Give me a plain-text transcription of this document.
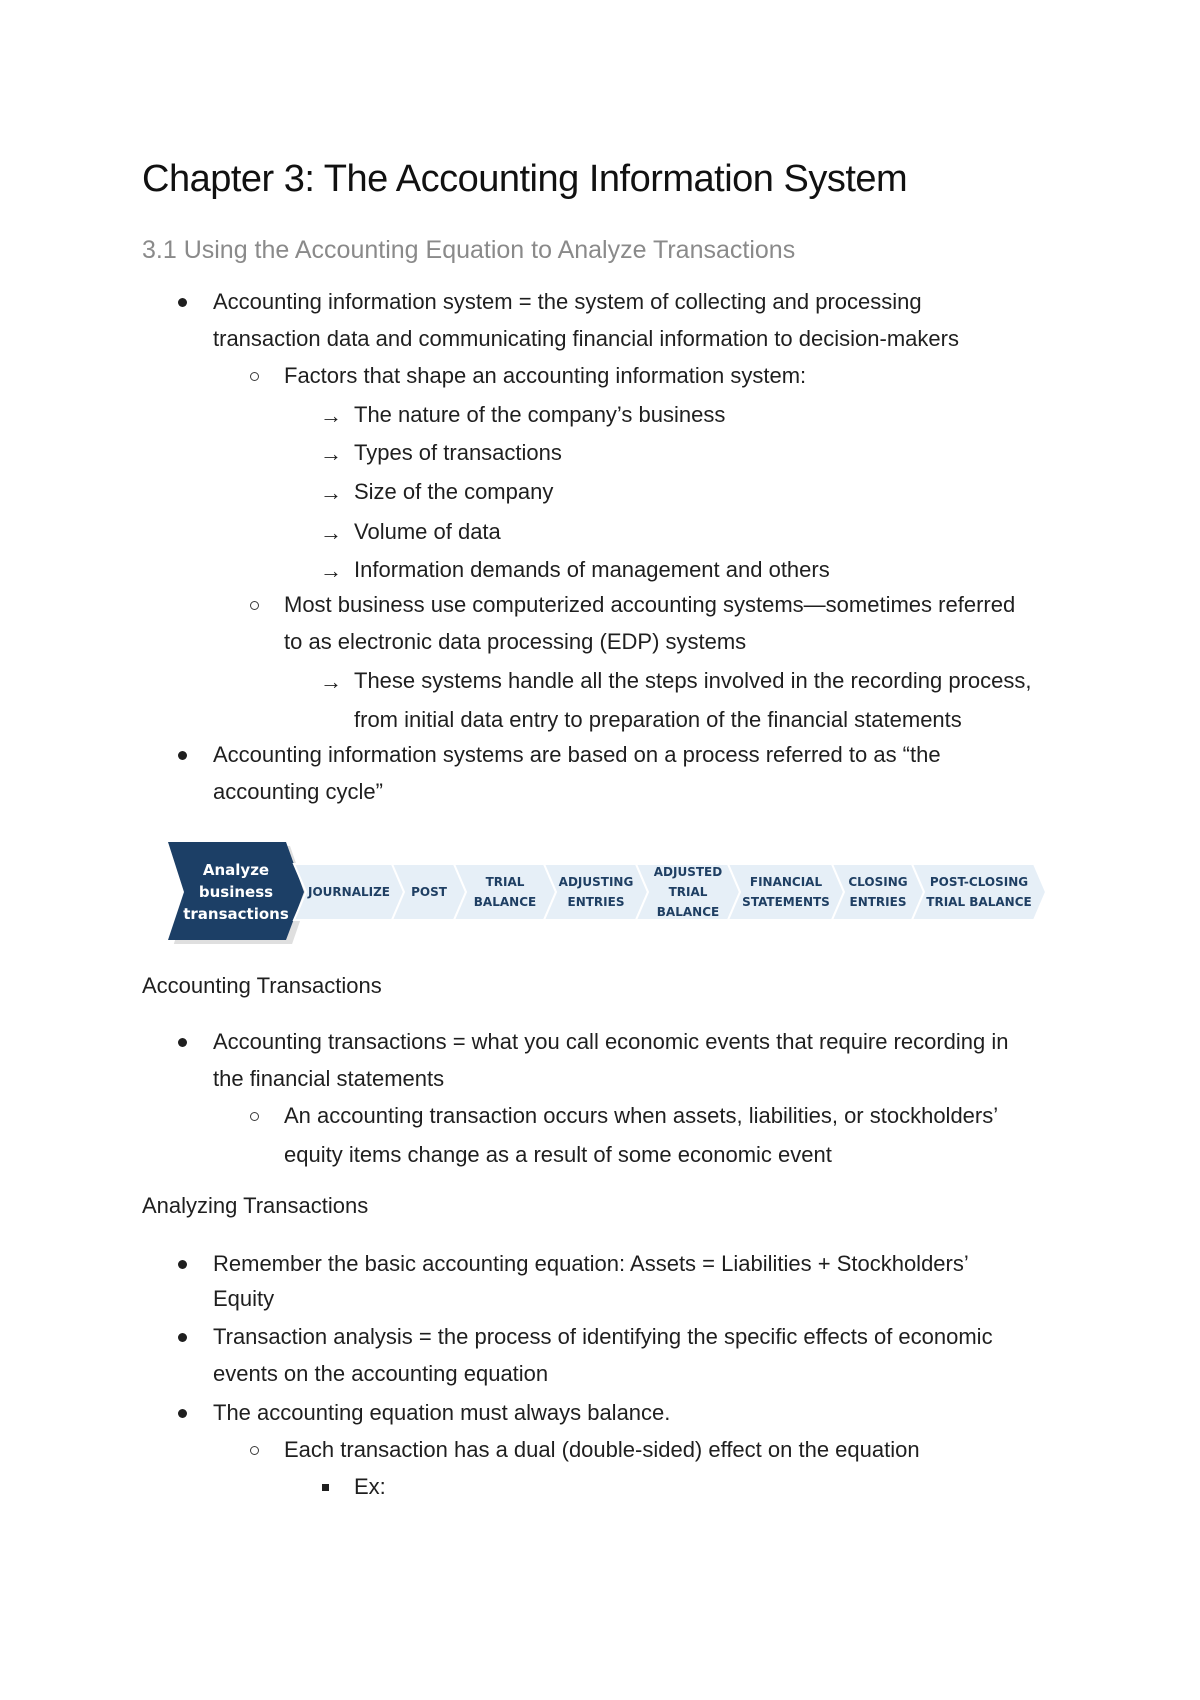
Chapter 3: The Accounting Information System
3.1 Using the Accounting Equation to Analyze Transactions
Accounting information system = the system of collecting and processing
transaction data and communicating financial information to decision-makers
Factors that shape an accounting information system:
→ The nature of the company’s business
→ Types of transactions
→ Size of the company
→ Volume of data
→ Information demands of management and others
Most business use computerized accounting systems—sometimes referred
to as electronic data processing (EDP) systems
→ These systems handle all the steps involved in the recording process,
from initial data entry to preparation of the financial statements
Accounting information systems are based on a process referred to as “the
accounting cycle”
Analyze
business
transactions
JOURNALIZE POST
TRIAL
BALANCE
ADJUSTING
ENTRIES
ADJUSTED
TRIAL
BALANCE
FINANCIAL
STATEMENTS
CLOSING
ENTRIES
POST-CLOSING
TRIAL BALANCE
Accounting Transactions
Accounting transactions = what you call economic events that require recording in
the financial statements
An accounting transaction occurs when assets, liabilities, or stockholders’
equity items change as a result of some economic event
Analyzing Transactions
Remember the basic accounting equation: Assets = Liabilities + Stockholders’
Equity
Transaction analysis = the process of identifying the specific effects of economic
events on the accounting equation
The accounting equation must always balance.
Each transaction has a dual (double-sided) effect on the equation
Ex:
